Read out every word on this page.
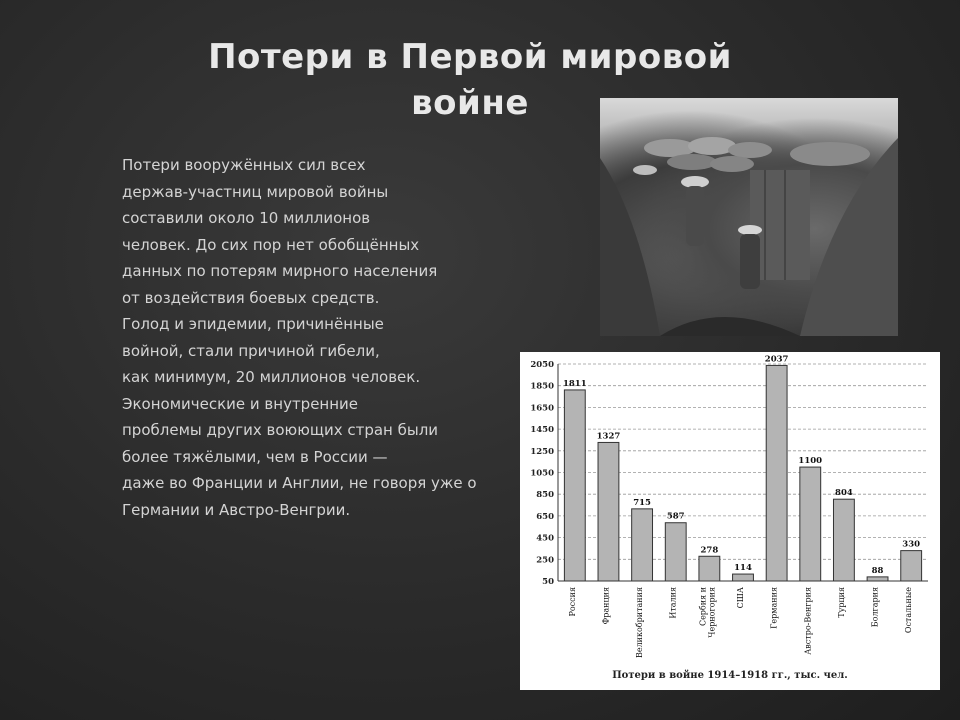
Потери в Первой мировой
войне
Потери вооружённых сил всех
держав-участниц мировой войны
составили около 10 миллионов
человек. До сих пор нет обобщённых
данных по потерям мирного населения
от воздействия боевых средств.
Голод и эпидемии, причинённые
войной, стали причиной гибели,
как минимум, 20 миллионов человек.
Экономические и внутренние
проблемы других воюющих стран были
более тяжёлыми, чем в России —
даже во Франции и Англии, не говоря уже о
Германии и Австро-Венгрии.
50
250
450
650
850
1050
1250
1450
1650
1850
2050
1811
Россия
1327
Франция
715
Великобритания
587
Италия
278
Сербия иЧерногория
114
США
2037
Германия
1100
Австро-Венгрия
804
Турция
88
Болгария
330
Остальные
Потери в войне 1914–1918 гг., тыс. чел.
